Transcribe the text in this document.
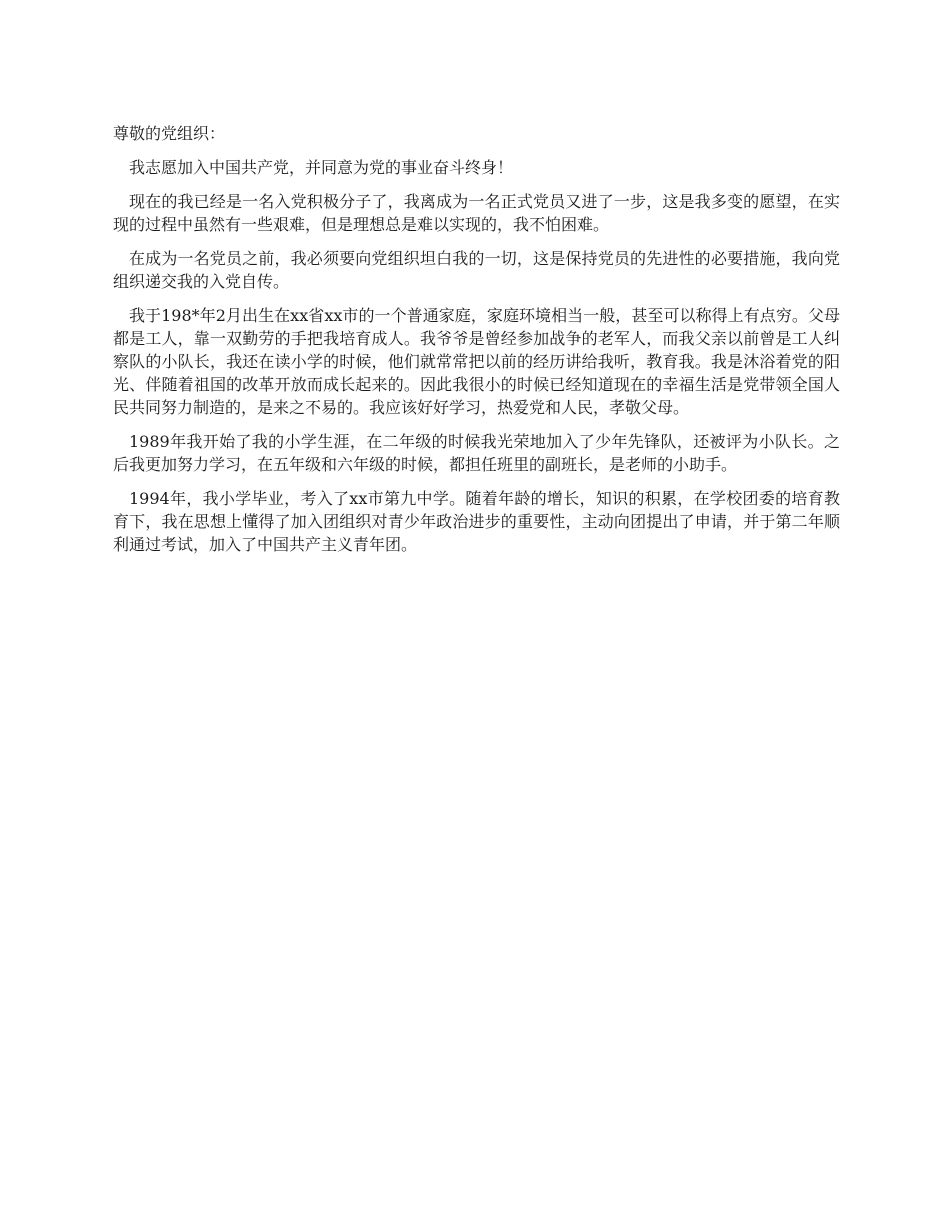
尊敬的党组织：

我志愿加入中国共产党，并同意为党的事业奋斗终身！

现在的我已经是一名入党积极分子了，我离成为一名正式党员又进了一步，这是我多变的愿望，在实现的过程中虽然有一些艰难，但是理想总是难以实现的，我不怕困难。

在成为一名党员之前，我必须要向党组织坦白我的一切，这是保持党员的先进性的必要措施，我向党组织递交我的入党自传。

我于198*年2月出生在xx省xx市的一个普通家庭，家庭环境相当一般，甚至可以称得上有点穷。父母都是工人，靠一双勤劳的手把我培育成人。我爷爷是曾经参加战争的老军人，而我父亲以前曾是工人纠察队的小队长，我还在读小学的时候，他们就常常把以前的经历讲给我听，教育我。我是沐浴着党的阳光、伴随着祖国的改革开放而成长起来的。因此我很小的时候已经知道现在的幸福生活是党带领全国人民共同努力制造的，是来之不易的。我应该好好学习，热爱党和人民，孝敬父母。

1989年我开始了我的小学生涯，在二年级的时候我光荣地加入了少年先锋队，还被评为小队长。之后我更加努力学习，在五年级和六年级的时候，都担任班里的副班长，是老师的小助手。

1994年，我小学毕业，考入了xx市第九中学。随着年龄的增长，知识的积累，在学校团委的培育教育下，我在思想上懂得了加入团组织对青少年政治进步的重要性，主动向团提出了申请，并于第二年顺利通过考试，加入了中国共产主义青年团。
